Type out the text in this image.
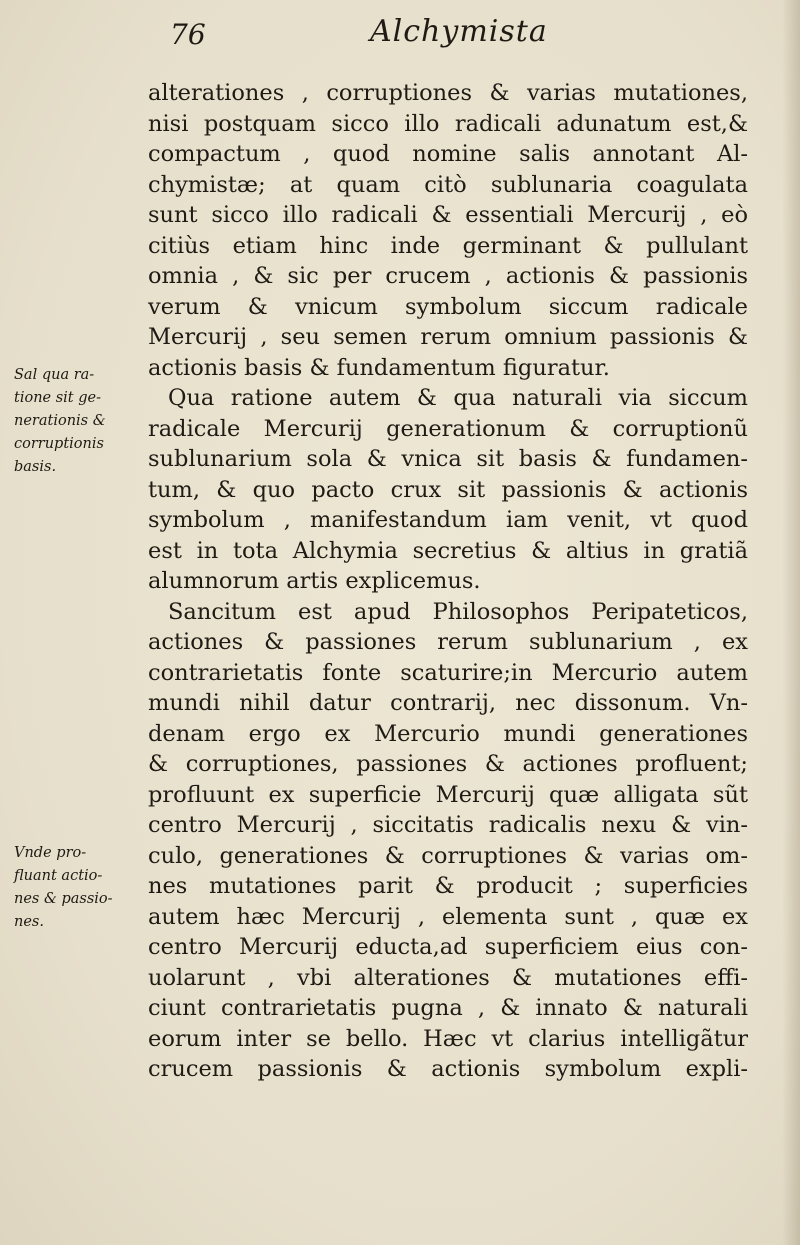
76	Alchymista
alterationes , corruptiones & varias mutationes,
nisi postquam sicco illo radicali adunatum est,&
compactum , quod nomine salis annotant Al-
chymistæ; at quam citò sublunaria coagulata
sunt sicco illo radicali & essentiali Mercurij , eò
citiùs etiam hinc inde germinant & pullulant
omnia , & sic per crucem , actionis & passionis
verum & vnicum symbolum siccum radicale
Mercurij , seu semen rerum omnium passionis &
actionis basis & fundamentum figuratur.
Qua ratione autem & qua naturali via siccum
radicale Mercurij generationum & corruptionũ
sublunarium sola & vnica sit basis & fundamen-
tum, & quo pacto crux sit passionis & actionis
symbolum , manifestandum iam venit, vt quod
est in tota Alchymia secretius & altius in gratiã
alumnorum artis explicemus.
Sancitum est apud Philosophos Peripateticos,
actiones & passiones rerum sublunarium , ex
contrarietatis fonte scaturire;in Mercurio autem
mundi nihil datur contrarij, nec dissonum. Vn-
denam ergo ex Mercurio mundi generationes
& corruptiones, passiones & actiones profluent;
profluunt ex superficie Mercurij quæ alligata sũt
centro Mercurij , siccitatis radicalis nexu & vin-
culo, generationes & corruptiones & varias om-
nes mutationes parit & producit ; superficies
autem hæc Mercurij , elementa sunt , quæ ex
centro Mercurij educta,ad superficiem eius con-
uolarunt , vbi alterationes & mutationes effi-
ciunt contrarietatis pugna , & innato & naturali
eorum inter se bello. Hæc vt clarius intelligãtur
crucem passionis & actionis symbolum expli-
Sal qua ra-
tione sit ge-
nerationis &
corruptionis
basis.
Vnde pro-
fluant actio-
nes & passio-
nes.
